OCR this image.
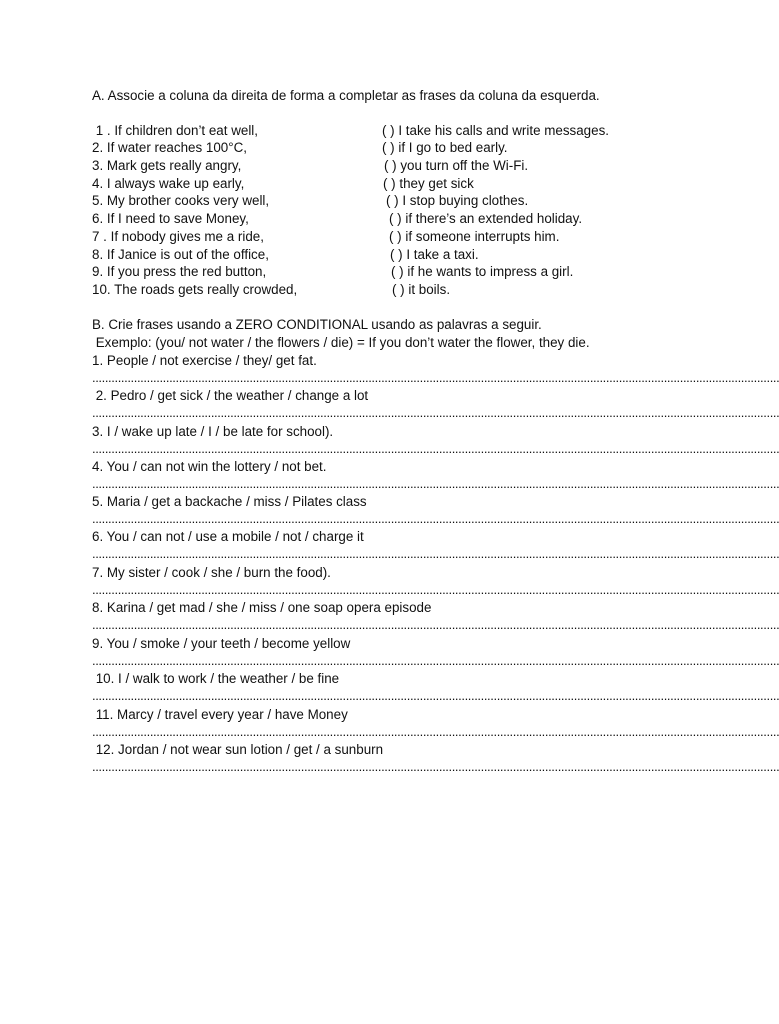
A. Associe a coluna da direita de forma a completar as frases da coluna da esquerda.
1 . If children don’t eat well,	( ) I take his calls and write messages.
2. If water reaches 100°C,	( ) if I go to bed early.
3. Mark gets really angry,	( ) you turn off the Wi-Fi.
4. I always wake up early,	( ) they get sick
5. My brother cooks very well,	( ) I stop buying clothes.
6. If I need to save Money,	( ) if there’s an extended holiday.
7 . If nobody gives me a ride,	( ) if someone interrupts him.
8. If Janice is out of the office,	( ) I take a taxi.
9. If you press the red button,	( ) if he wants to impress a girl.
10. The roads gets really crowded,	( ) it boils.
B. Crie frases usando a ZERO CONDITIONAL usando as palavras a seguir.
Exemplo: (you/ not water / the flowers / die) = If you don’t water the flower, they die.
1. People / not exercise / they/ get fat.
......................................................................................................................................................................................................................
2. Pedro / get sick / the weather / change a lot
......................................................................................................................................................................................................................
3. I / wake up late / I / be late for school).
......................................................................................................................................................................................................................
4. You / can not win the lottery / not bet.
......................................................................................................................................................................................................................
5. Maria / get a backache / miss / Pilates class
......................................................................................................................................................................................................................
6. You / can not / use a mobile / not / charge it
......................................................................................................................................................................................................................
7. My sister / cook / she / burn the food).
......................................................................................................................................................................................................................
8. Karina / get mad / she / miss / one soap opera episode
......................................................................................................................................................................................................................
9. You / smoke / your teeth / become yellow
......................................................................................................................................................................................................................
10. I / walk to work / the weather / be fine
......................................................................................................................................................................................................................
11. Marcy / travel every year / have Money
......................................................................................................................................................................................................................
12. Jordan / not wear sun lotion / get / a sunburn
......................................................................................................................................................................................................................
